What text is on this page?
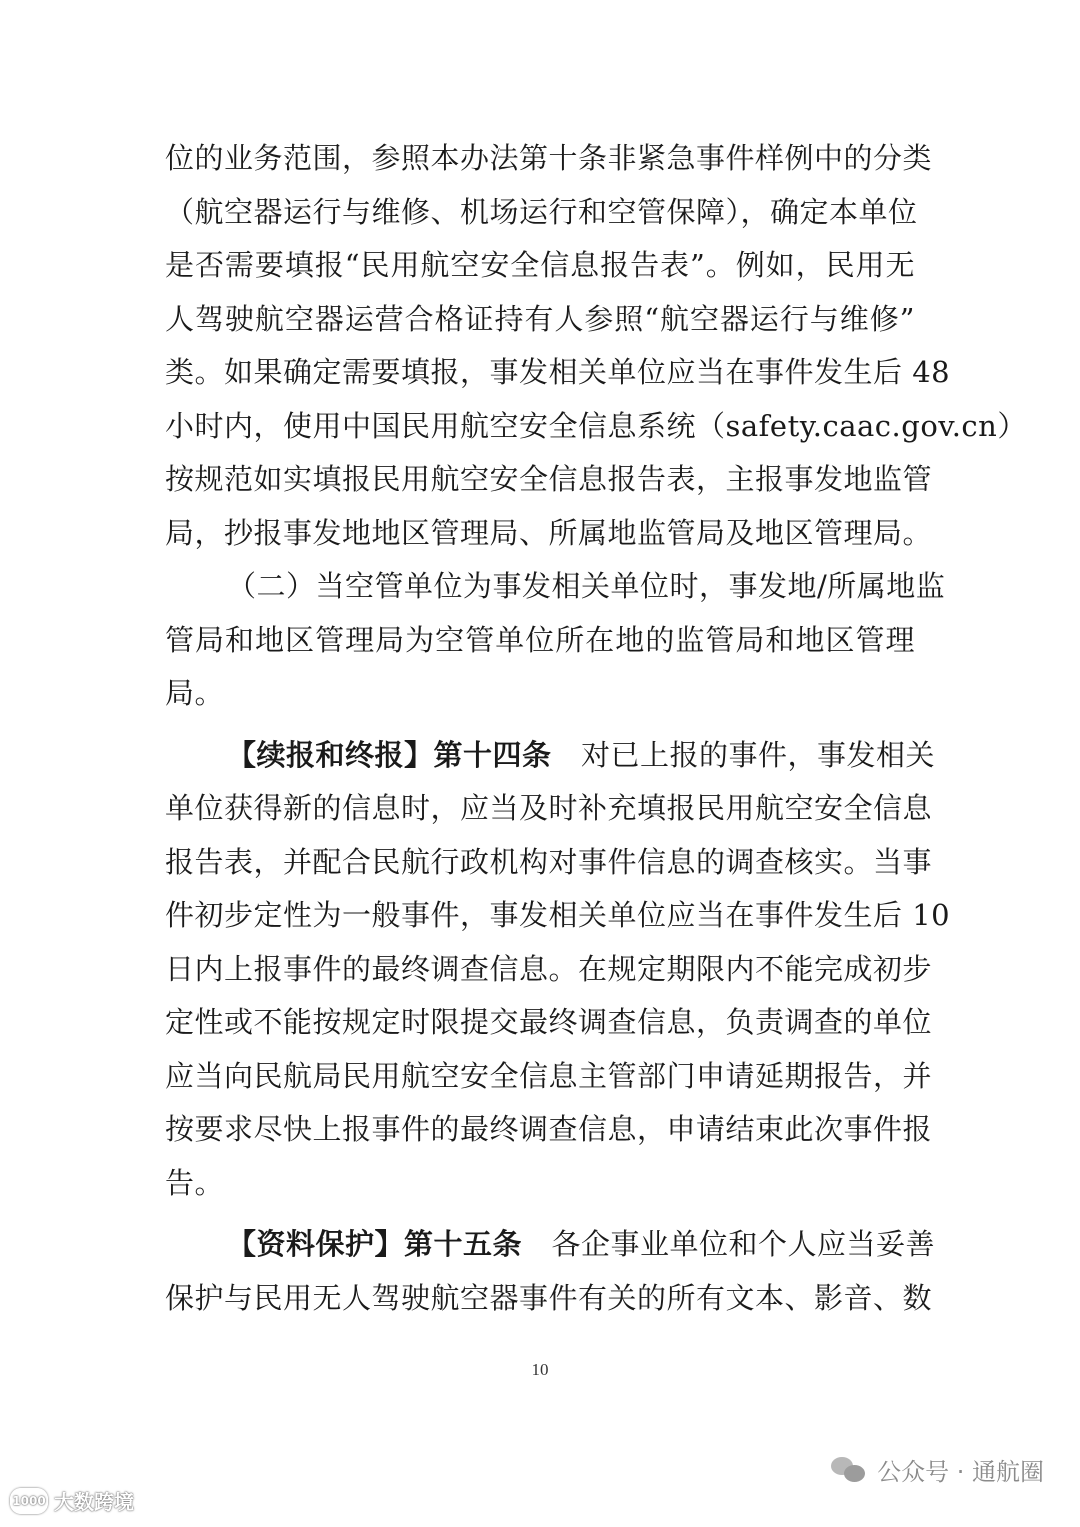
位的业务范围，参照本办法第十条非紧急事件样例中的分类
（航空器运行与维修、机场运行和空管保障），确定本单位
是否需要填报“民用航空安全信息报告表”。例如，民用无
人驾驶航空器运营合格证持有人参照“航空器运行与维修”
类。如果确定需要填报，事发相关单位应当在事件发生后 48
小时内，使用中国民用航空安全信息系统（safety.caac.gov.cn）
按规范如实填报民用航空安全信息报告表，主报事发地监管
局，抄报事发地地区管理局、所属地监管局及地区管理局。
（二）当空管单位为事发相关单位时，事发地/所属地监
管局和地区管理局为空管单位所在地的监管局和地区管理
局。
【续报和终报】第十四条　 对已上报的事件，事发相关
单位获得新的信息时，应当及时补充填报民用航空安全信息
报告表，并配合民航行政机构对事件信息的调查核实。当事
件初步定性为一般事件，事发相关单位应当在事件发生后 10
日内上报事件的最终调查信息。在规定期限内不能完成初步
定性或不能按规定时限提交最终调查信息，负责调查的单位
应当向民航局民用航空安全信息主管部门申请延期报告，并
按要求尽快上报事件的最终调查信息，申请结束此次事件报
告。
【资料保护】第十五条　 各企事业单位和个人应当妥善
保护与民用无人驾驶航空器事件有关的所有文本、影音、数
10
公众号 · 通航圈
1000 大数跨境
